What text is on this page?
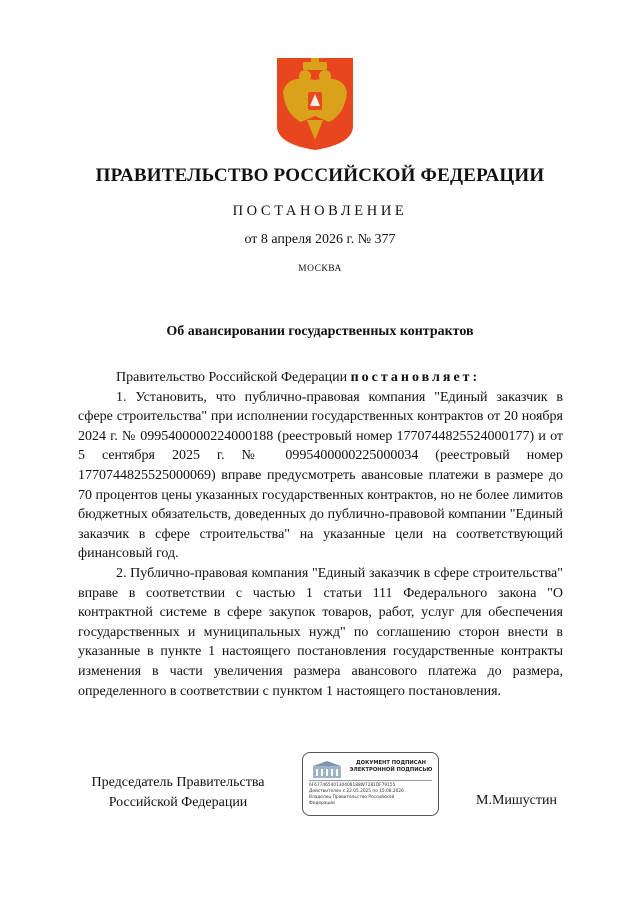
ПРАВИТЕЛЬСТВО РОССИЙСКОЙ ФЕДЕРАЦИИ
ПОСТАНОВЛЕНИЕ
от 8 апреля 2026 г. № 377
МОСКВА
Об авансировании государственных контрактов

Правительство Российской Федерации постановляет:

1. Установить, что публично-правовая компания "Единый заказчик в сфере строительства" при исполнении государственных контрактов от 20 ноября 2024 г. № 0995400000224000188 (реестровый номер 1770744825524000177) и от 5 сентября 2025 г. № 0995400000225000034 (реестровый номер 1770744825525000069) вправе предусмотреть авансовые платежи в размере до 70 процентов цены указанных государственных контрактов, но не более лимитов бюджетных обязательств, доведенных до публично-правовой компании "Единый заказчик в сфере строительства" на указанные цели на соответствующий финансовый год.

2. Публично-правовая компания "Единый заказчик в сфере строительства" вправе в соответствии с частью 1 статьи 111 Федерального закона "О контрактной системе в сфере закупок товаров, работ, услуг для обеспечения государственных и муниципальных нужд" по соглашению сторон внести в указанные в пункте 1 настоящего постановления государственные контракты изменения в части увеличения размера авансового платежа до размера, определенного в соответствии с пунктом 1 настоящего постановления.

Председатель Правительства
Российской Федерации
ДОКУМЕНТ ПОДПИСАН
ЭЛЕКТРОННОЙ ПОДПИСЬЮ
6F67746540130408188W7281DF79155
Действителен с 22.05.2025 по 15.08.2026
Владелец Правительство Российской
Федерации	М.Мишустин
